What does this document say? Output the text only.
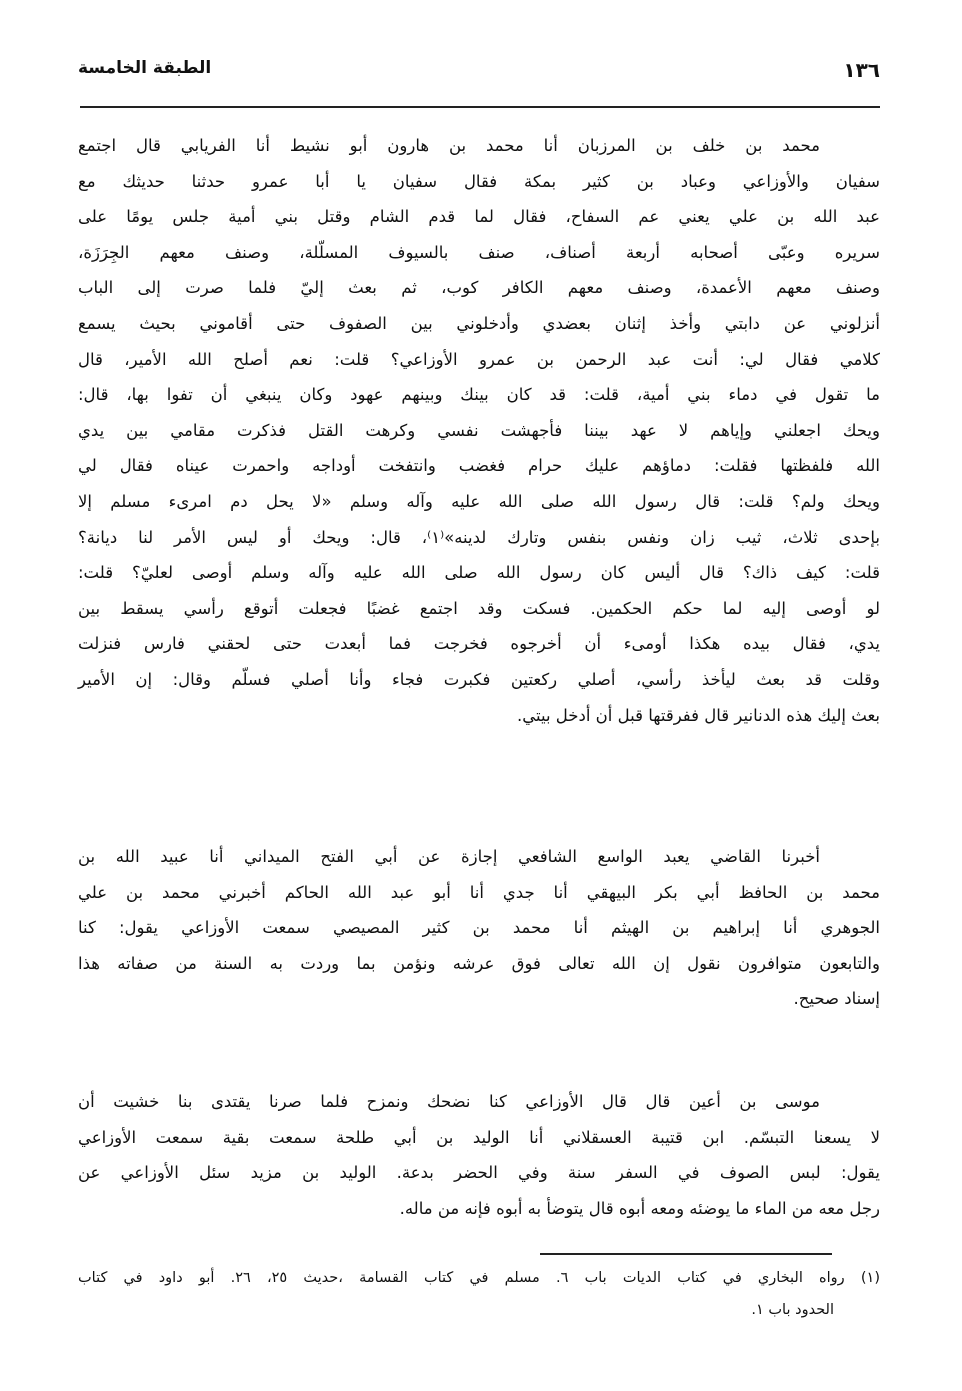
١٣٦
الطبقة الخامسة
محمد بن خلف بن المرزبان أنا محمد بن هارون أبو نشيط أنا الفريابي قال اجتمع
سفيان والأوزاعي وعباد بن كثير بمكة فقال سفيان يا أبا عمرو حدثنا حديثك مع
عبد الله بن علي يعني عم السفاح، فقال لما قدم الشام وقتل بني أمية جلس يومًا على
سريره وعبّى أصحابه أربعة أصناف، صنف بالسيوف المسلّلة، وصنف معهم الجِرَزَة،
وصنف معهم الأعمدة، وصنف معهم الكافر كوب، ثم بعث إليّ فلما صرت إلى الباب
أنزلوني عن دابتي وأخذ إثنان بعضدي وأدخلوني بين الصفوف حتى أقاموني بحيث يسمع
كلامي فقال لي: أنت عبد الرحمن بن عمرو الأوزاعي؟ قلت: نعم أصلح الله الأمير، قال
ما تقول في دماء بني أمية، قلت: قد كان بينك وبينهم عهود وكان ينبغي أن تفوا بها، قال:
ويحك اجعلني وإياهم لا عهد بيننا فأجهشت نفسي وكرهت القتل فذكرت مقامي بين يدي
الله فلفظتها فقلت: دماؤهم عليك حرام فغضب وانتفخت أوداجه واحمرت عيناه فقال لي
ويحك ولم؟ قلت: قال رسول الله صلى الله عليه وآله وسلم «لا يحل دم امرىء مسلم إلا
بإحدى ثلاث، ثيب زان ونفس بنفس وتارك لدينه»⁽١⁾، قال: ويحك أو ليس الأمر لنا ديانة؟
قلت: كيف ذاك؟ قال أليس كان رسول الله صلى الله عليه وآله وسلم أوصى لعليّ؟ قلت:
لو أوصى إليه لما حكم الحكمين. فسكت وقد اجتمع غضبًا فجعلت أتوقع رأسي يسقط بين
يدي، فقال بيده هكذا أومىء أن أخرجوه فخرجت فما أبعدت حتى لحقني فارس فنزلت
وقلت قد بعث ليأخذ رأسي، أصلي ركعتين فكبرت فجاء وأنا أصلي فسلّم وقال: إن الأمير
بعث إليك هذه الدنانير قال ففرقتها قبل أن أدخل بيتي.
أخبرنا القاضي يعبد الواسع الشافعي إجازة عن أبي الفتح الميداني أنا عبيد الله بن
محمد بن الحافظ أبي بكر البيهقي أنا جدي أنا أبو عبد الله الحاكم أخبرني محمد بن علي
الجوهري أنا إبراهيم بن الهيثم أنا محمد بن كثير المصيصي سمعت الأوزاعي يقول: كنا
والتابعون متوافرون نقول إن الله تعالى فوق عرشه ونؤمن بما وردت به السنة من صفاته هذا
إسناد صحيح.
موسى بن أعين قال قال الأوزاعي كنا نضحك ونمزح فلما صرنا يقتدى بنا خشيت أن
لا يسعنا التبسّم. ابن قتيبة العسقلاني أنا الوليد بن أبي طلحة سمعت بقية سمعت الأوزاعي
يقول: لبس الصوف في السفر سنة وفي الحضر بدعة. الوليد بن مزيد سئل الأوزاعي عن
رجل معه من الماء ما يوضئه ومعه أبوه قال يتوضأ به أبوه فإنه من ماله.
(١) رواه البخاري في كتاب الديات باب ٦. مسلم في كتاب القسامة ،حديث ٢٥، ٢٦. أبو داود في كتاب
الحدود باب ١.
